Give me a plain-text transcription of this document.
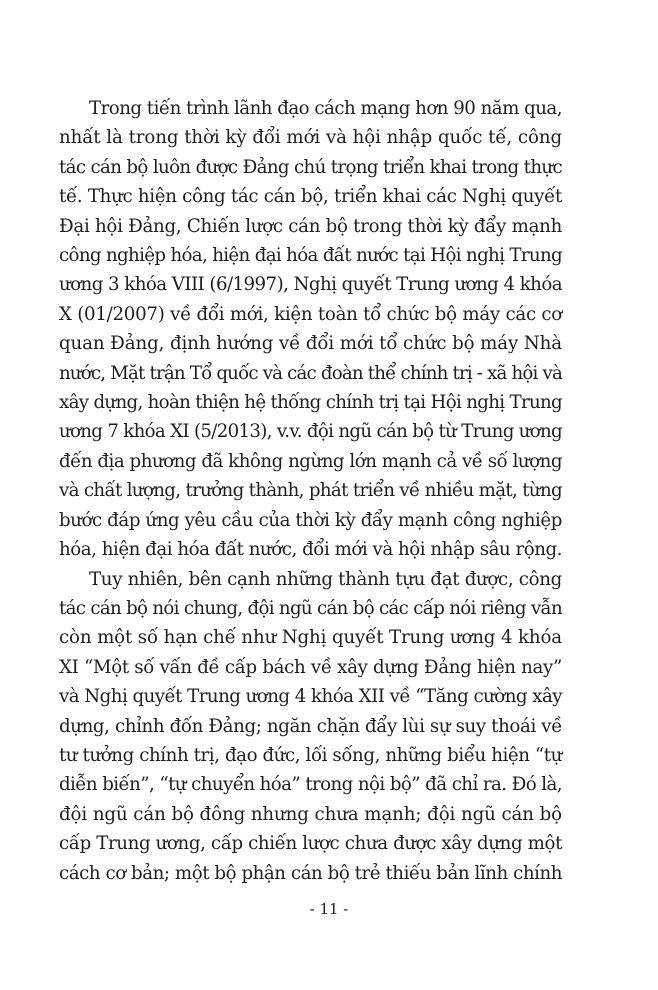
Trong tiến trình lãnh đạo cách mạng hơn 90 năm qua,
nhất là trong thời kỳ đổi mới và hội nhập quốc tế, công
tác cán bộ luôn được Đảng chú trọng triển khai trong thực
tế. Thực hiện công tác cán bộ, triển khai các Nghị quyết
Đại hội Đảng, Chiến lược cán bộ trong thời kỳ đẩy mạnh
công nghiệp hóa, hiện đại hóa đất nước tại Hội nghị Trung
ương 3 khóa VIII (6/1997), Nghị quyết Trung ương 4 khóa
X (01/2007) về đổi mới, kiện toàn tổ chức bộ máy các cơ
quan Đảng, định hướng về đổi mới tổ chức bộ máy Nhà
nước, Mặt trận Tổ quốc và các đoàn thể chính trị - xã hội và
xây dựng, hoàn thiện hệ thống chính trị tại Hội nghị Trung
ương 7 khóa XI (5/2013), v.v. đội ngũ cán bộ từ Trung ương
đến địa phương đã không ngừng lớn mạnh cả về số lượng
và chất lượng, trưởng thành, phát triển về nhiều mặt, từng
bước đáp ứng yêu cầu của thời kỳ đẩy mạnh công nghiệp
hóa, hiện đại hóa đất nước, đổi mới và hội nhập sâu rộng.
Tuy nhiên, bên cạnh những thành tựu đạt được, công
tác cán bộ nói chung, đội ngũ cán bộ các cấp nói riêng vẫn
còn một số hạn chế như Nghị quyết Trung ương 4 khóa
XI “Một số vấn đề cấp bách về xây dựng Đảng hiện nay”
và Nghị quyết Trung ương 4 khóa XII về “Tăng cường xây
dựng, chỉnh đốn Đảng; ngăn chặn đẩy lùi sự suy thoái về
tư tưởng chính trị, đạo đức, lối sống, những biểu hiện “tự
diễn biến”, “tự chuyển hóa” trong nội bộ” đã chỉ ra. Đó là,
đội ngũ cán bộ đông nhưng chưa mạnh; đội ngũ cán bộ
cấp Trung ương, cấp chiến lược chưa được xây dựng một
cách cơ bản; một bộ phận cán bộ trẻ thiếu bản lĩnh chính
- 11 -
